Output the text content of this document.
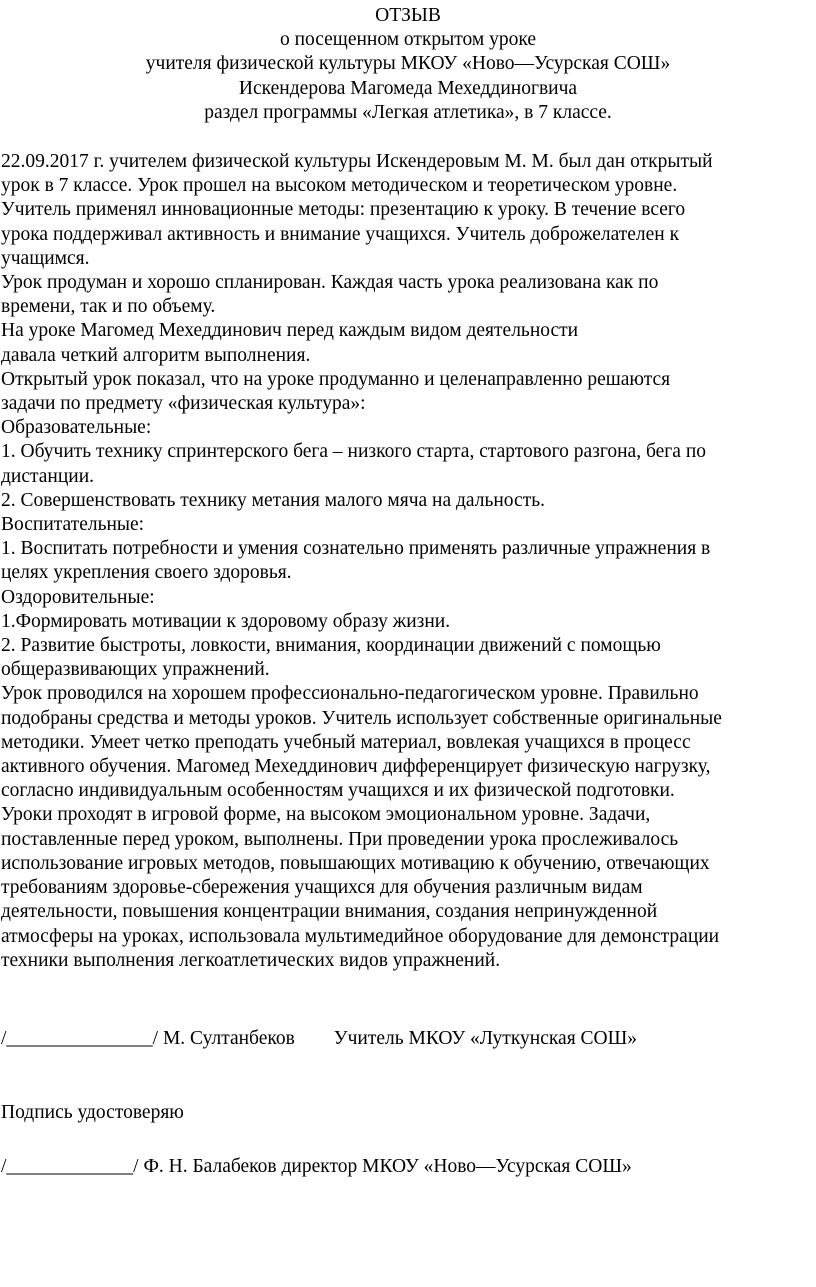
ОТЗЫВ
о посещенном открытом уроке
учителя физической культуры МКОУ «Ново—Усурская СОШ»
Искендерова Магомеда Мехеддиногвича
раздел программы «Легкая атлетика», в 7 классе.
22.09.2017 г. учителем физической культуры Искендеровым М. М. был дан открытый
урок в 7 классе. Урок прошел на высоком методическом и теоретическом уровне.
Учитель применял инновационные методы: презентацию к уроку. В течение всего
урока поддерживал активность и внимание учащихся. Учитель доброжелателен к
учащимся.
Урок продуман и хорошо спланирован. Каждая часть урока реализована как по
времени, так и по объему.
На уроке Магомед Мехеддинович перед каждым видом деятельности
давала четкий алгоритм выполнения.
Открытый урок показал, что на уроке продуманно и целенаправленно решаются
задачи по предмету «физическая культура»:
Образовательные:
1. Обучить технику спринтерского бега – низкого старта, стартового разгона, бега по
дистанции.
2. Совершенствовать технику метания малого мяча на дальность.
Воспитательные:
1. Воспитать потребности и умения сознательно применять различные упражнения в
целях укрепления своего здоровья.
Оздоровительные:
1.Формировать мотивации к здоровому образу жизни.
2. Развитие быстроты, ловкости, внимания, координации движений с помощью
общеразвивающих упражнений.
Урок проводился на хорошем профессионально-педагогическом уровне. Правильно
подобраны средства и методы уроков. Учитель использует собственные оригинальные
методики. Умеет четко преподать учебный материал, вовлекая учащихся в процесс
активного обучения. Магомед Мехеддинович дифференцирует физическую нагрузку,
согласно индивидуальным особенностям учащихся и их физической подготовки.
Уроки проходят в игровой форме, на высоком эмоциональном уровне. Задачи,
поставленные перед уроком, выполнены. При проведении урока прослеживалось
использование игровых методов, повышающих мотивацию к обучению, отвечающих
требованиям здоровье-сбережения учащихся для обучения различным видам
деятельности, повышения концентрации внимания, создания непринужденной
атмосферы на уроках, использовала мультимедийное оборудование для демонстрации
техники выполнения легкоатлетических видов упражнений.
/_______________/ М. Султанбеков        Учитель МКОУ «Луткунская СОШ»
Подпись удостоверяю
/_____________/ Ф. Н. Балабеков директор МКОУ «Ново—Усурская СОШ»
